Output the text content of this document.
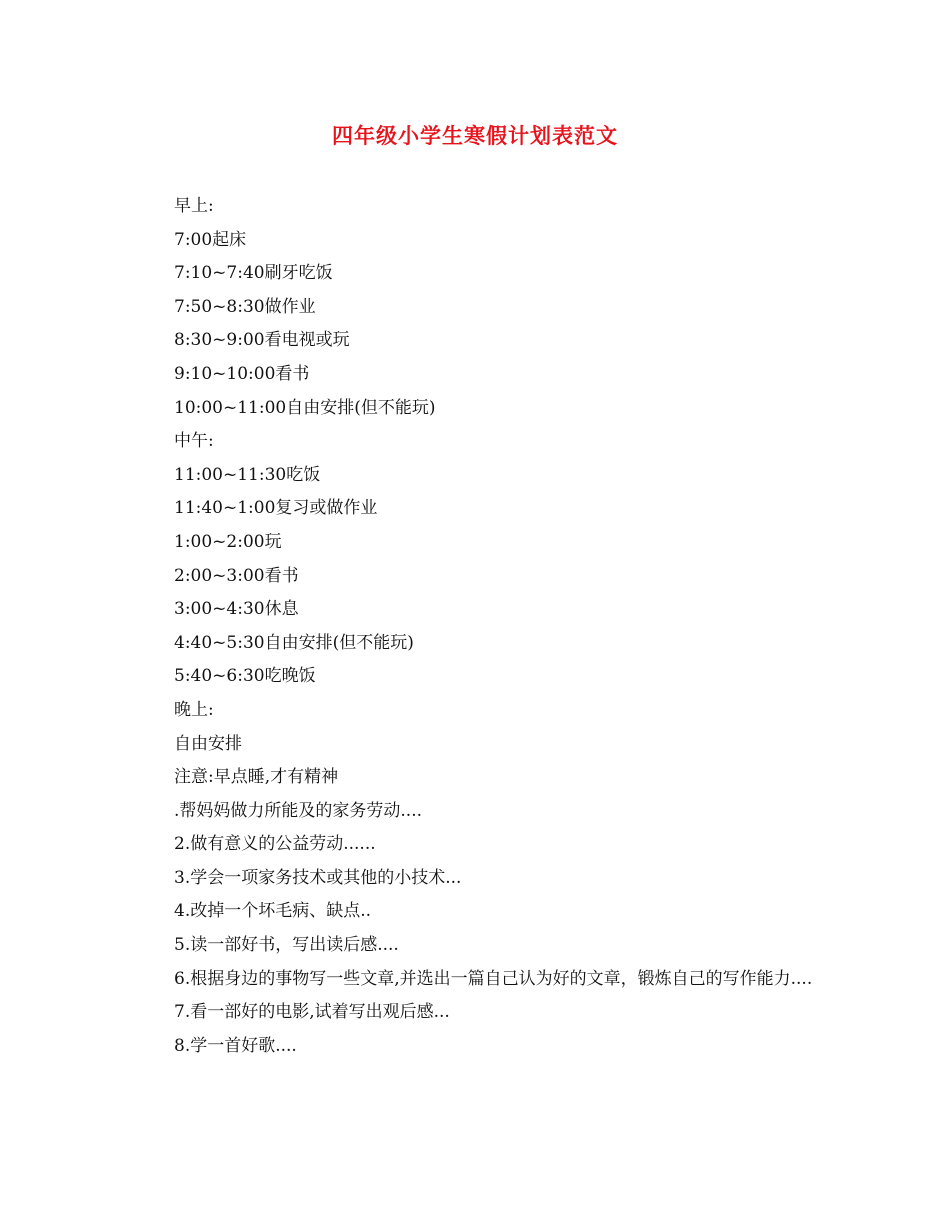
四年级小学生寒假计划表范文
早上:
7:00起床
7:10~7:40刷牙吃饭
7:50~8:30做作业
8:30~9:00看电视或玩
9:10~10:00看书
10:00~11:00自由安排(但不能玩)
中午:
11:00~11:30吃饭
11:40~1:00复习或做作业
1:00~2:00玩
2:00~3:00看书
3:00~4:30休息
4:40~5:30自由安排(但不能玩)
5:40~6:30吃晚饭
晚上:
自由安排
注意:早点睡,才有精神
.帮妈妈做力所能及的家务劳动....
2.做有意义的公益劳动......
3.学会一项家务技术或其他的小技术...
4.改掉一个坏毛病、缺点..
5.读一部好书，写出读后感....
6.根据身边的事物写一些文章,并选出一篇自己认为好的文章，锻炼自己的写作能力....
7.看一部好的电影,试着写出观后感...
8.学一首好歌....
